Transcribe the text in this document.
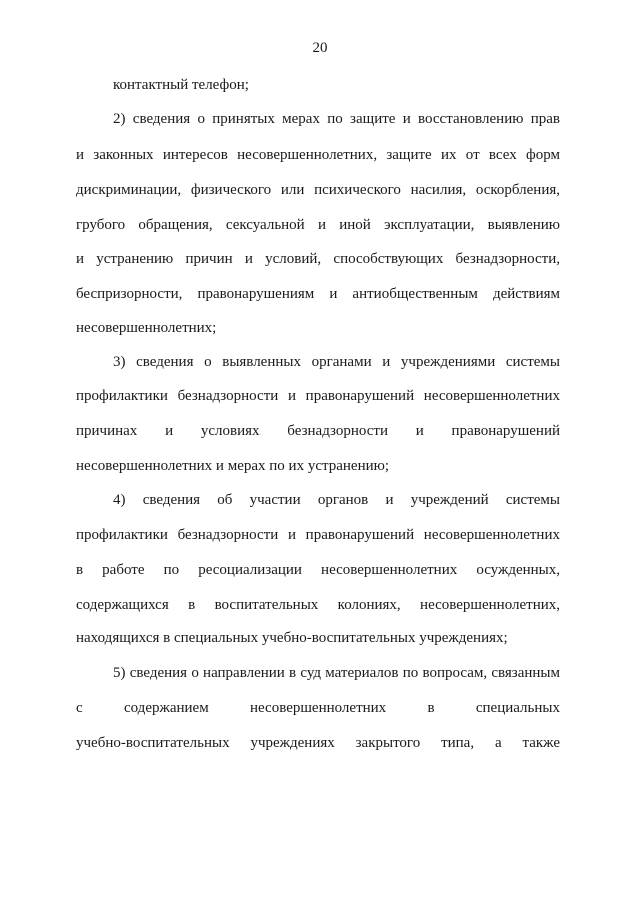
20
контактный телефон;
2) сведения о принятых мерах по защите и восстановлению прав
и законных интересов несовершеннолетних, защите их от всех форм
дискриминации, физического или психического насилия, оскорбления,
грубого обращения, сексуальной и иной эксплуатации, выявлению
и устранению причин и условий, способствующих безнадзорности,
беспризорности, правонарушениям и антиобщественным действиям
несовершеннолетних;
3) сведения о выявленных органами и учреждениями системы
профилактики безнадзорности и правонарушений несовершеннолетних
причинах и условиях безнадзорности и правонарушений
несовершеннолетних и мерах по их устранению;
4) сведения об участии органов и учреждений системы
профилактики безнадзорности и правонарушений несовершеннолетних
в работе по ресоциализации несовершеннолетних осужденных,
содержащихся в воспитательных колониях, несовершеннолетних,
находящихся в специальных учебно-воспитательных учреждениях;
5) сведения о направлении в суд материалов по вопросам, связанным
с содержанием несовершеннолетних в специальных
учебно-воспитательных учреждениях закрытого типа, а также
